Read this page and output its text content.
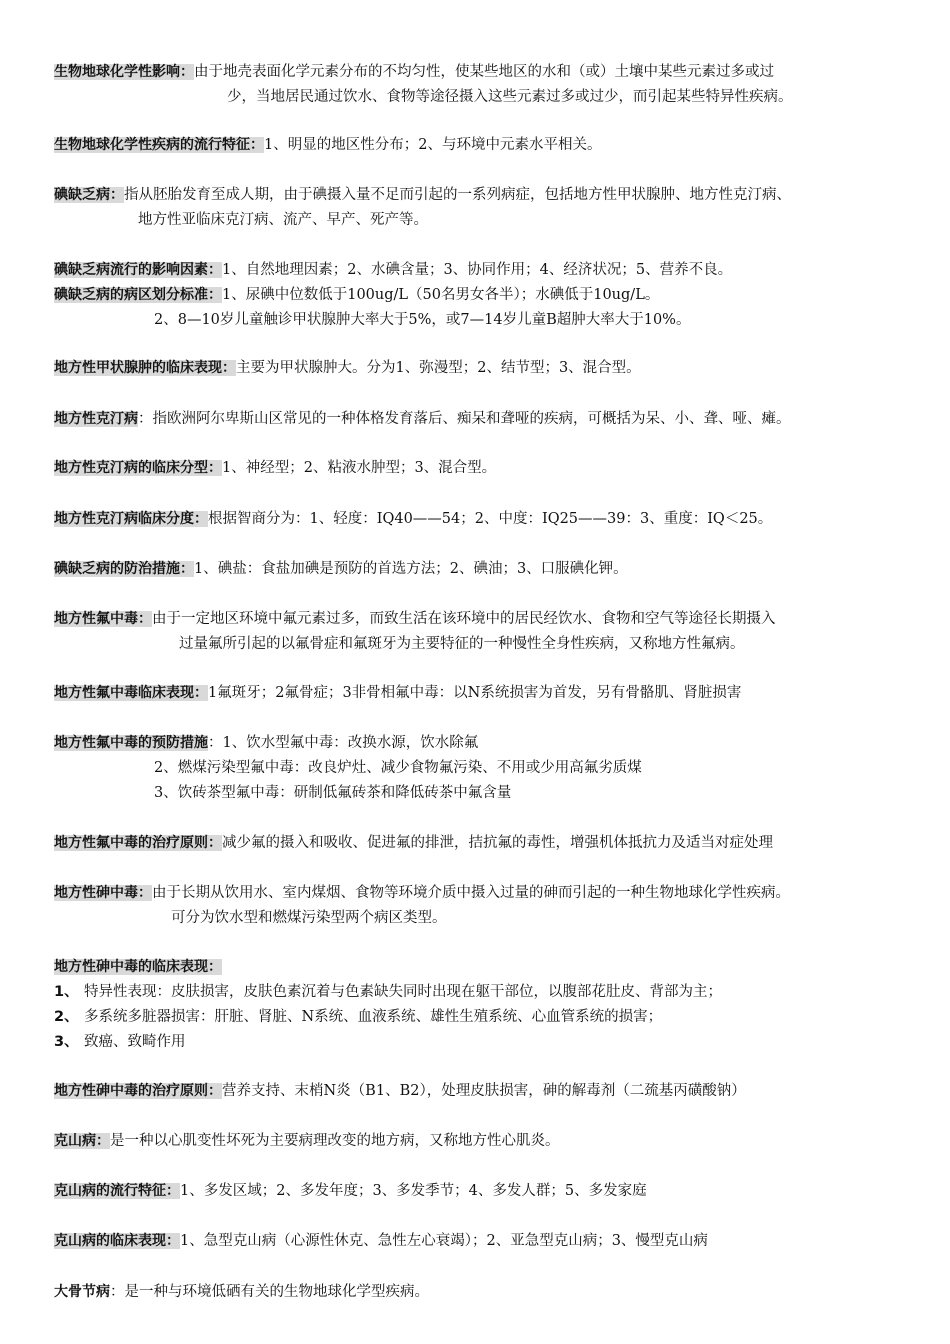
生物地球化学性影响：由于地壳表面化学元素分布的不均匀性，使某些地区的水和（或）土壤中某些元素过多或过
少，当地居民通过饮水、食物等途径摄入这些元素过多或过少，而引起某些特异性疾病。
生物地球化学性疾病的流行特征：1、明显的地区性分布；2、与环境中元素水平相关。
碘缺乏病：指从胚胎发育至成人期，由于碘摄入量不足而引起的一系列病症，包括地方性甲状腺肿、地方性克汀病、
地方性亚临床克汀病、流产、早产、死产等。
碘缺乏病流行的影响因素：1、自然地理因素；2、水碘含量；3、协同作用；4、经济状况；5、营养不良。
碘缺乏病的病区划分标准：1、尿碘中位数低于100ug/L（50名男女各半）；水碘低于10ug/L。
2、8—10岁儿童触诊甲状腺肿大率大于5%，或7—14岁儿童B超肿大率大于10%。
地方性甲状腺肿的临床表现：主要为甲状腺肿大。分为1、弥漫型；2、结节型；3、混合型。
地方性克汀病：指欧洲阿尔卑斯山区常见的一种体格发育落后、痴呆和聋哑的疾病，可概括为呆、小、聋、哑、瘫。
地方性克汀病的临床分型：1、神经型；2、粘液水肿型；3、混合型。
地方性克汀病临床分度：根据智商分为：1、轻度：IQ40——54；2、中度：IQ25——39：3、重度：IQ＜25。
碘缺乏病的防治措施：1、碘盐：食盐加碘是预防的首选方法；2、碘油；3、口服碘化钾。
地方性氟中毒：由于一定地区环境中氟元素过多，而致生活在该环境中的居民经饮水、食物和空气等途径长期摄入
过量氟所引起的以氟骨症和氟斑牙为主要特征的一种慢性全身性疾病，又称地方性氟病。
地方性氟中毒临床表现：1氟斑牙；2氟骨症；3非骨相氟中毒：以N系统损害为首发，另有骨骼肌、肾脏损害
地方性氟中毒的预防措施：1、饮水型氟中毒：改换水源，饮水除氟
2、燃煤污染型氟中毒：改良炉灶、减少食物氟污染、不用或少用高氟劣质煤
3、饮砖茶型氟中毒：研制低氟砖茶和降低砖茶中氟含量
地方性氟中毒的治疗原则：减少氟的摄入和吸收、促进氟的排泄，拮抗氟的毒性，增强机体抵抗力及适当对症处理
地方性砷中毒：由于长期从饮用水、室内煤烟、食物等环境介质中摄入过量的砷而引起的一种生物地球化学性疾病。
可分为饮水型和燃煤污染型两个病区类型。
地方性砷中毒的临床表现：
1、 特异性表现：皮肤损害，皮肤色素沉着与色素缺失同时出现在躯干部位，以腹部花肚皮、背部为主；
2、 多系统多脏器损害：肝脏、肾脏、N系统、血液系统、雄性生殖系统、心血管系统的损害；
3、 致癌、致畸作用
地方性砷中毒的治疗原则：营养支持、末梢N炎（B1、B2），处理皮肤损害，砷的解毒剂（二巯基丙磺酸钠）
克山病：是一种以心肌变性坏死为主要病理改变的地方病，又称地方性心肌炎。
克山病的流行特征：1、多发区域；2、多发年度；3、多发季节；4、多发人群；5、多发家庭
克山病的临床表现：1、急型克山病（心源性休克、急性左心衰竭）；2、亚急型克山病；3、慢型克山病
大骨节病：是一种与环境低硒有关的生物地球化学型疾病。
